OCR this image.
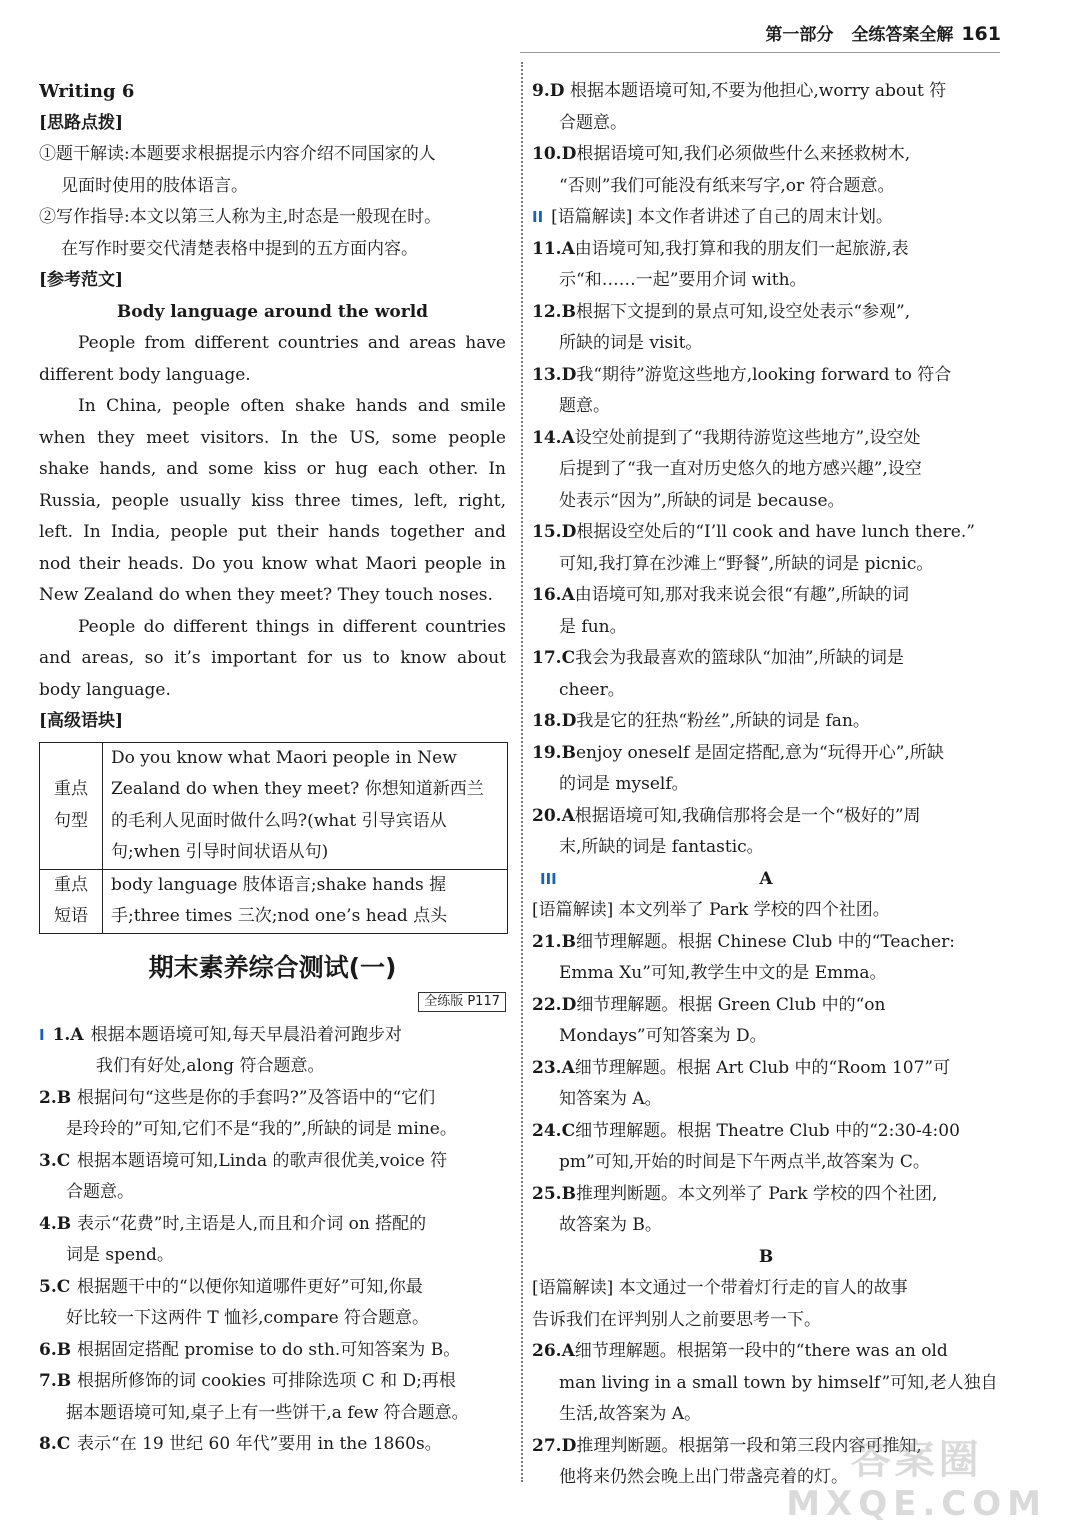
第一部分 全练答案全解 161
Writing 6
[思路点拨]
①题干解读:本题要求根据提示内容介绍不同国家的人
见面时使用的肢体语言。
②写作指导:本文以第三人称为主,时态是一般现在时。
在写作时要交代清楚表格中提到的五方面内容。
[参考范文]
Body language around the world
People from different countries and areas have different body language.
In China, people often shake hands and smile when they meet visitors. In the US, some people shake hands, and some kiss or hug each other. In Russia, people usually kiss three times, left, right, left. In India, people put their hands together and nod their heads. Do you know what Maori people in New Zealand do when they meet? They touch noses.
People do different things in different countries and areas, so it’s important for us to know about body language.
[高级语块]
重点句型	Do you know what Maori people in New Zealand do when they meet? 你想知道新西兰的毛利人见面时做什么吗?(what 引导宾语从句;when 引导时间状语从句)
重点短语	body language 肢体语言;shake hands 握手;three times 三次;nod one’s head 点头
期末素养综合测试(一)
全练版 P117
I 1.A 根据本题语境可知,每天早晨沿着河跑步对
我们有好处,along 符合题意。
2.B 根据问句“这些是你的手套吗?”及答语中的“它们
是玲玲的”可知,它们不是“我的”,所缺的词是 mine。
3.C 根据本题语境可知,Linda 的歌声很优美,voice 符
合题意。
4.B 表示“花费”时,主语是人,而且和介词 on 搭配的
词是 spend。
5.C 根据题干中的“以便你知道哪件更好”可知,你最
好比较一下这两件 T 恤衫,compare 符合题意。
6.B 根据固定搭配 promise to do sth.可知答案为 B。
7.B 根据所修饰的词 cookies 可排除选项 C 和 D;再根
据本题语境可知,桌子上有一些饼干,a few 符合题意。
8.C 表示“在 19 世纪 60 年代”要用 in the 1860s。
9.D 根据本题语境可知,不要为他担心,worry about 符
合题意。
10.D根据语境可知,我们必须做些什么来拯救树木,
“否则”我们可能没有纸来写字,or 符合题意。
II [语篇解读] 本文作者讲述了自己的周末计划。
11.A由语境可知,我打算和我的朋友们一起旅游,表
示“和……一起”要用介词 with。
12.B根据下文提到的景点可知,设空处表示“参观”,
所缺的词是 visit。
13.D我“期待”游览这些地方,looking forward to 符合
题意。
14.A设空处前提到了“我期待游览这些地方”,设空处
后提到了“我一直对历史悠久的地方感兴趣”,设空
处表示“因为”,所缺的词是 because。
15.D根据设空处后的“I’ll cook and have lunch there.”
可知,我打算在沙滩上“野餐”,所缺的词是 picnic。
16.A由语境可知,那对我来说会很“有趣”,所缺的词
是 fun。
17.C我会为我最喜欢的篮球队“加油”,所缺的词是
cheer。
18.D我是它的狂热“粉丝”,所缺的词是 fan。
19.Benjoy oneself 是固定搭配,意为“玩得开心”,所缺
的词是 myself。
20.A根据语境可知,我确信那将会是一个“极好的”周
末,所缺的词是 fantastic。
III	A
[语篇解读] 本文列举了 Park 学校的四个社团。
21.B细节理解题。根据 Chinese Club 中的“Teacher:
Emma Xu”可知,教学生中文的是 Emma。
22.D细节理解题。根据 Green Club 中的“on
Mondays”可知答案为 D。
23.A细节理解题。根据 Art Club 中的“Room 107”可
知答案为 A。
24.C细节理解题。根据 Theatre Club 中的“2:30-4:00
pm”可知,开始的时间是下午两点半,故答案为 C。
25.B推理判断题。本文列举了 Park 学校的四个社团,
故答案为 B。
B
[语篇解读] 本文通过一个带着灯行走的盲人的故事
告诉我们在评判别人之前要思考一下。
26.A细节理解题。根据第一段中的“there was an old
man living in a small town by himself”可知,老人独自
生活,故答案为 A。
27.D推理判断题。根据第一段和第三段内容可推知,
他将来仍然会晚上出门带盏亮着的灯。 答案圈
MXQE.COM
